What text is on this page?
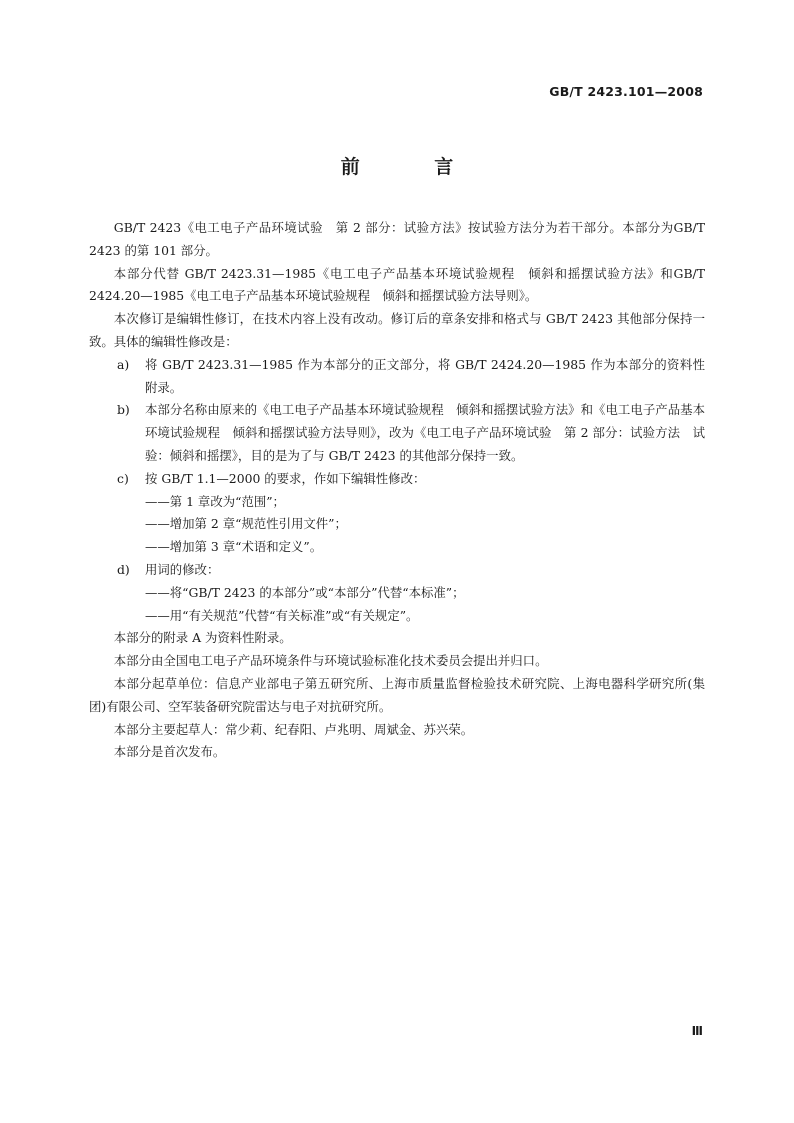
GB/T 2423.101—2008
前 言

GB/T 2423《电工电子产品环境试验　第 2 部分：试验方法》按试验方法分为若干部分。本部分为GB/T 2423 的第 101 部分。

本部分代替 GB/T 2423.31—1985《电工电子产品基本环境试验规程　倾斜和摇摆试验方法》和GB/T 2424.20—1985《电工电子产品基本环境试验规程　倾斜和摇摆试验方法导则》。

本次修订是编辑性修订，在技术内容上没有改动。修订后的章条安排和格式与 GB/T 2423 其他部分保持一致。具体的编辑性修改是：

a)	将 GB/T 2423.31—1985 作为本部分的正文部分，将 GB/T 2424.20—1985 作为本部分的资料性附录。
b)	本部分名称由原来的《电工电子产品基本环境试验规程　倾斜和摇摆试验方法》和《电工电子产品基本环境试验规程　倾斜和摇摆试验方法导则》，改为《电工电子产品环境试验　第 2 部分：试验方法　试验：倾斜和摇摆》，目的是为了与 GB/T 2423 的其他部分保持一致。
c)	按 GB/T 1.1—2000 的要求，作如下编辑性修改：

——第 1 章改为“范围”；

——增加第 2 章“规范性引用文件”；

——增加第 3 章“术语和定义”。

d)	用词的修改：

——将“GB/T 2423 的本部分”或“本部分”代替“本标准”；

——用“有关规范”代替“有关标准”或“有关规定”。

本部分的附录 A 为资料性附录。

本部分由全国电工电子产品环境条件与环境试验标准化技术委员会提出并归口。

本部分起草单位：信息产业部电子第五研究所、上海市质量监督检验技术研究院、上海电器科学研究所(集团)有限公司、空军装备研究院雷达与电子对抗研究所。

本部分主要起草人：常少莉、纪春阳、卢兆明、周斌金、苏兴荣。

本部分是首次发布。

Ⅲ
